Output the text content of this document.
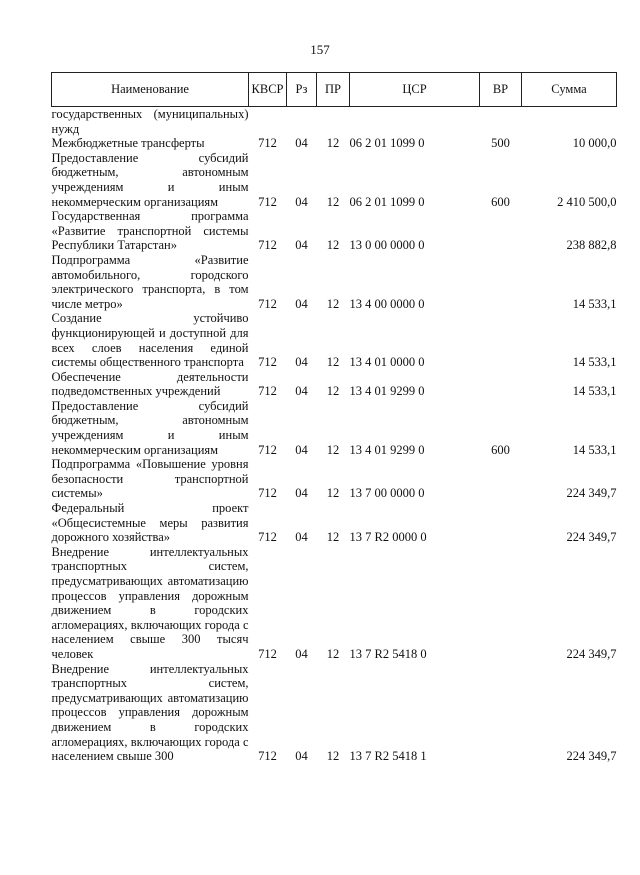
157
Наименование	КВСР	Рз	ПР	ЦСР	ВР	Сумма
государственных (муниципальных) нужд						
Межбюджетные трансферты	712	04	12	06 2 01 1099 0	500	10 000,0
Предоставление субсидий бюджетным, автономным учреждениям и иным некоммерческим организациям	712	04	12	06 2 01 1099 0	600	2 410 500,0
Государственная программа «Развитие транспортной системы Республики Татарстан»	712	04	12	13 0 00 0000 0		238 882,8
Подпрограмма «Развитие автомобильного, городского электрического транспорта, в том числе метро»	712	04	12	13 4 00 0000 0		14 533,1
Создание устойчиво функционирующей и доступной для всех слоев населения единой системы общественного транспорта	712	04	12	13 4 01 0000 0		14 533,1
Обеспечение деятельности подведомственных учреждений	712	04	12	13 4 01 9299 0		14 533,1
Предоставление субсидий бюджетным, автономным учреждениям и иным некоммерческим организациям	712	04	12	13 4 01 9299 0	600	14 533,1
Подпрограмма «Повышение уровня безопасности транспортной системы»	712	04	12	13 7 00 0000 0		224 349,7
Федеральный проект «Общесистемные меры развития дорожного хозяйства»	712	04	12	13 7 R2 0000 0		224 349,7
Внедрение интеллектуальных транспортных систем, предусматривающих автоматизацию процессов управления дорожным движением в городских агломерациях, включающих города с населением свыше 300 тысяч человек	712	04	12	13 7 R2 5418 0		224 349,7
Внедрение интеллектуальных транспортных систем, предусматривающих автоматизацию процессов управления дорожным движением в городских агломерациях, включающих города с населением свыше 300	712	04	12	13 7 R2 5418 1		224 349,7
